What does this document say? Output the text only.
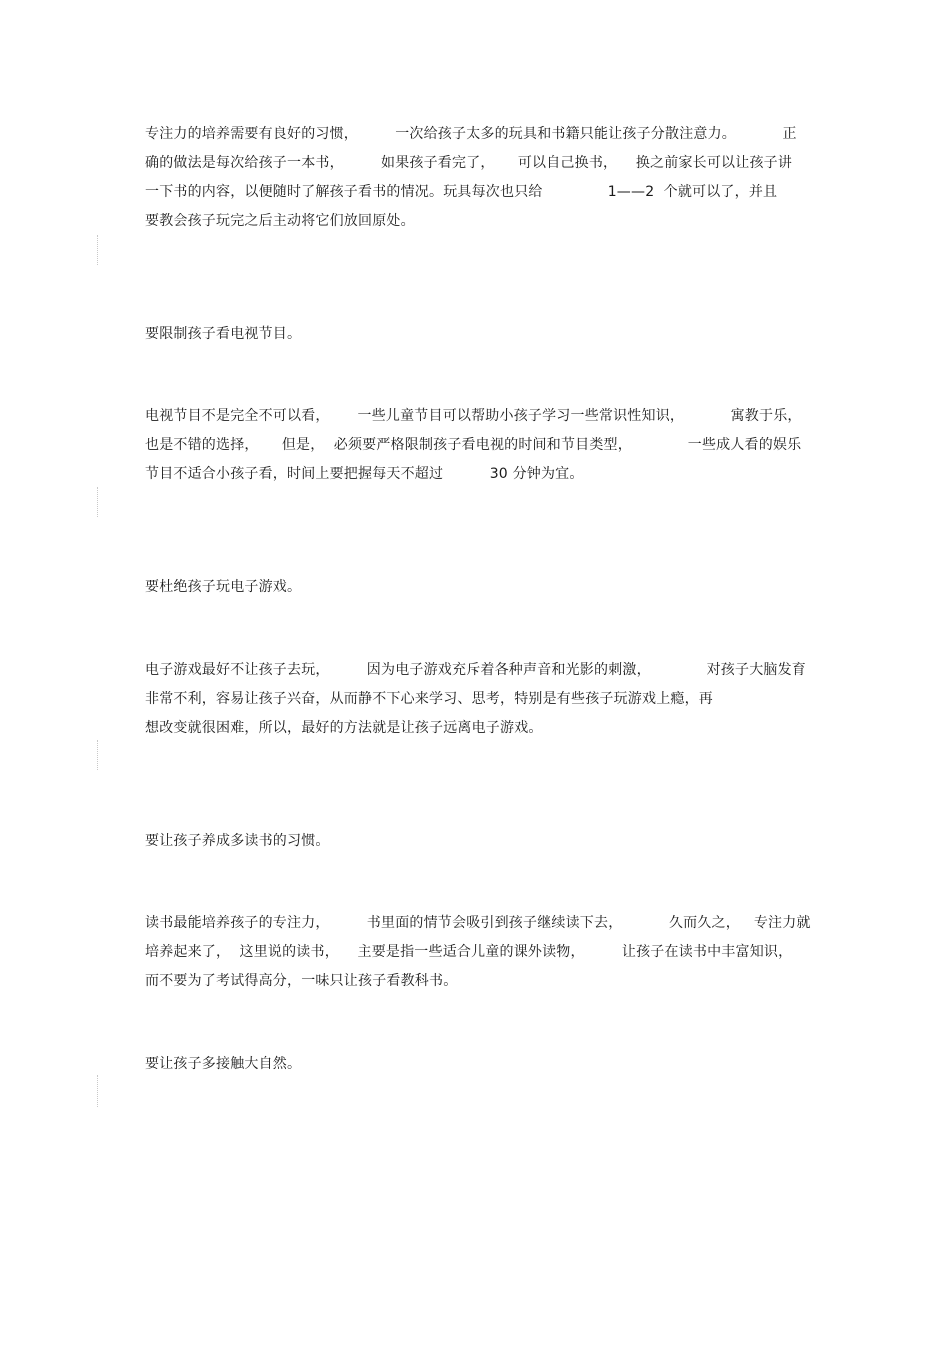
专注力的培养需要有良好的习惯，        一次给孩子太多的玩具和书籍只能让孩子分散注意力。          正
确的做法是每次给孩子一本书，        如果孩子看完了，     可以自己换书，    换之前家长可以让孩子讲
一下书的内容，以便随时了解孩子看书的情况。玩具每次也只给              1——2  个就可以了，并且
要教会孩子玩完之后主动将它们放回原处。
要限制孩子看电视节目。
电视节目不是完全不可以看，      一些儿童节目可以帮助小孩子学习一些常识性知识，          寓教于乐，
也是不错的选择，     但是，  必须要严格限制孩子看电视的时间和节目类型，            一些成人看的娱乐
节目不适合小孩子看，时间上要把握每天不超过          30 分钟为宜。
要杜绝孩子玩电子游戏。
电子游戏最好不让孩子去玩，        因为电子游戏充斥着各种声音和光影的刺激，            对孩子大脑发育
非常不利，容易让孩子兴奋，从而静不下心来学习、思考，特别是有些孩子玩游戏上瘾，再
想改变就很困难，所以，最好的方法就是让孩子远离电子游戏。
要让孩子养成多读书的习惯。
读书最能培养孩子的专注力，        书里面的情节会吸引到孩子继续读下去，          久而久之，   专注力就
培养起来了，  这里说的读书，    主要是指一些适合儿童的课外读物，        让孩子在读书中丰富知识，
而不要为了考试得高分，一味只让孩子看教科书。
要让孩子多接触大自然。
